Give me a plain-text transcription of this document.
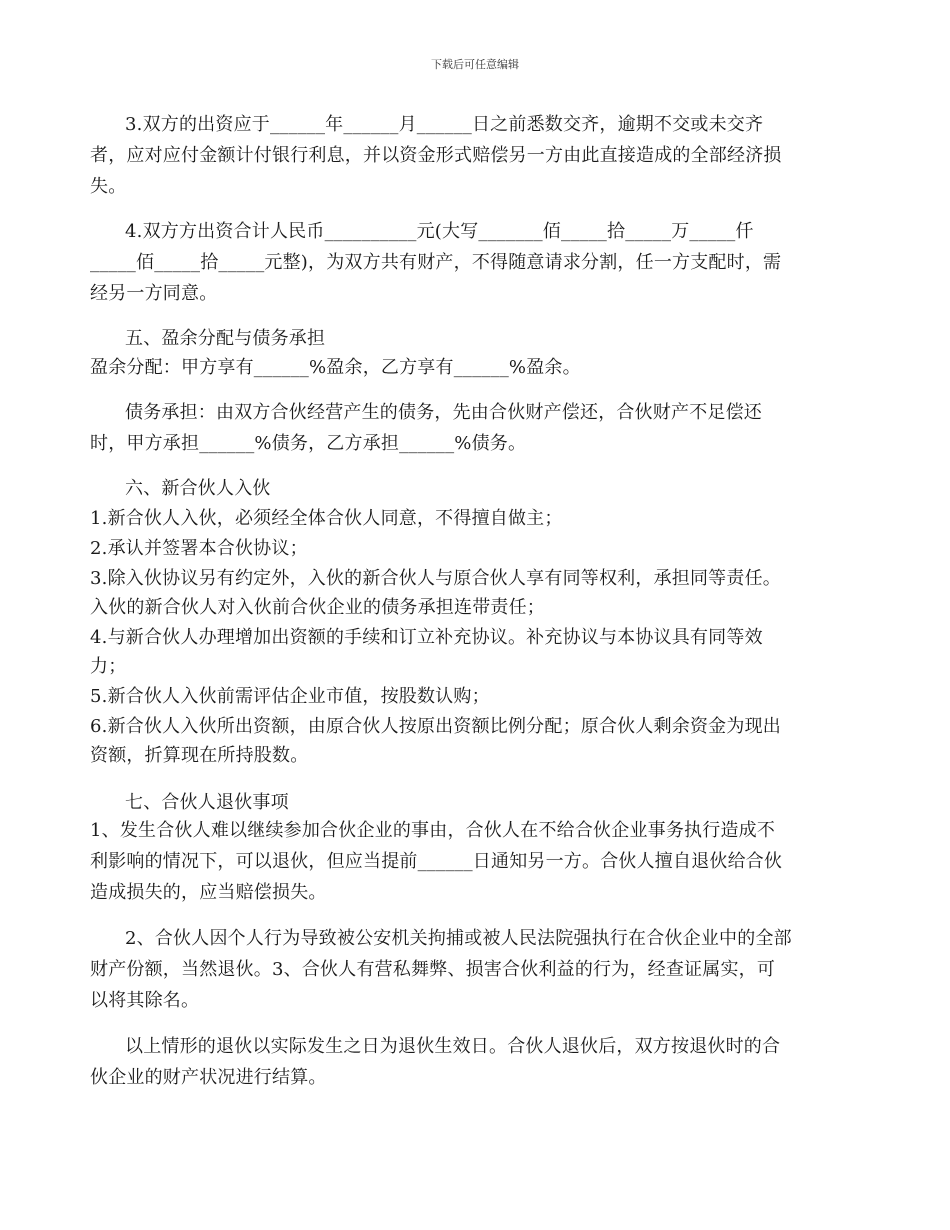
下载后可任意编辑
3.双方的出资应于______年______月______日之前悉数交齐，逾期不交或未交齐
者，应对应付金额计付银行利息，并以资金形式赔偿另一方由此直接造成的全部经济损
失。
4.双方方出资合计人民币__________元(大写_______佰_____拾_____万_____仟
_____佰_____拾_____元整)，为双方共有财产，不得随意请求分割，任一方支配时，需
经另一方同意。
五、盈余分配与债务承担
盈余分配：甲方享有______%盈余，乙方享有______%盈余。
债务承担：由双方合伙经营产生的债务，先由合伙财产偿还，合伙财产不足偿还
时，甲方承担______%债务，乙方承担______%债务。
六、新合伙人入伙
1.新合伙人入伙，必须经全体合伙人同意，不得擅自做主；
2.承认并签署本合伙协议；
3.除入伙协议另有约定外，入伙的新合伙人与原合伙人享有同等权利，承担同等责任。
入伙的新合伙人对入伙前合伙企业的债务承担连带责任；
4.与新合伙人办理增加出资额的手续和订立补充协议。补充协议与本协议具有同等效
力；
5.新合伙人入伙前需评估企业市值，按股数认购；
6.新合伙人入伙所出资额，由原合伙人按原出资额比例分配；原合伙人剩余资金为现出
资额，折算现在所持股数。
七、合伙人退伙事项
1、发生合伙人难以继续参加合伙企业的事由，合伙人在不给合伙企业事务执行造成不
利影响的情况下，可以退伙，但应当提前______日通知另一方。合伙人擅自退伙给合伙
造成损失的，应当赔偿损失。
2、合伙人因个人行为导致被公安机关拘捕或被人民法院强执行在合伙企业中的全部
财产份额，当然退伙。3、合伙人有营私舞弊、损害合伙利益的行为，经查证属实，可
以将其除名。
以上情形的退伙以实际发生之日为退伙生效日。合伙人退伙后，双方按退伙时的合
伙企业的财产状况进行结算。
